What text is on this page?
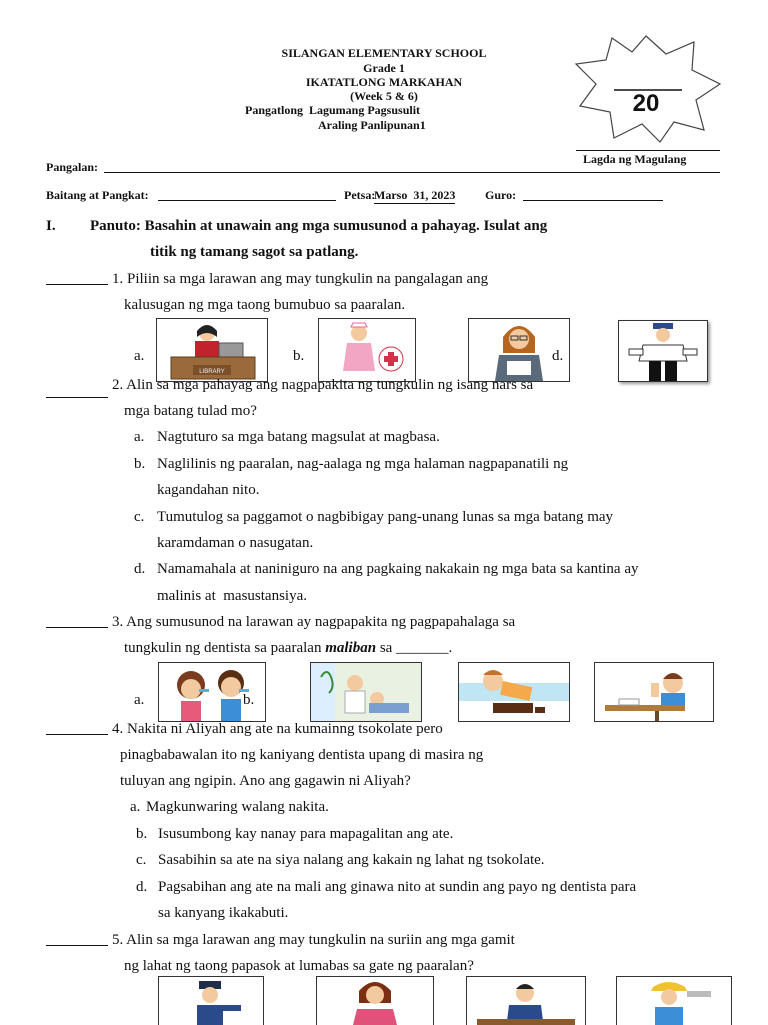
SILANGAN ELEMENTARY SCHOOL
Grade 1
IKATATLONG MARKAHAN
(Week 5 & 6)
Pangatlong  Lagumang Pagsusulit
Araling Panlipunan1
20
Lagda ng Magulang
Pangalan:
Baitang at Pangkat:	Petsa:
Marso  31, 2023 Guro:
I. Panuto: Basahin at unawain ang mga sumusunod a pahayag. Isulat ang
titik ng tamang sagot sa patlang.
1. Piliin sa mga larawan ang may tungkulin na pangalagan ang
kalusugan ng mga taong bumubuo sa paaralan.
a.
LIBRARY
b.	d.
2. Alin sa mga pahayag ang nagpapakita ng tungkulin ng isang nars sa
mga batang tulad mo?
a. Nagtuturo sa mga batang magsulat at magbasa.
b. Naglilinis ng paaralan, nag-aalaga ng mga halaman nagpapanatili ng
kagandahan nito.
c. Tumutulog sa paggamot o nagbibigay pang-unang lunas sa mga batang may
karamdaman o nasugatan.
d. Namamahala at naniniguro na ang pagkaing nakakain ng mga bata sa kantina ay
malinis at  masustansiya.
3. Ang sumusunod na larawan ay nagpapakita ng pagpapahalaga sa
tungkulin ng dentista sa paaralan maliban sa _______.
a.	b.
4. Nakita ni Aliyah ang ate na kumainng tsokolate pero
pinagbabawalan ito ng kaniyang dentista upang di masira ng
tuluyan ang ngipin. Ano ang gagawin ni Aliyah?
a. Magkunwaring walang nakita.
b. Isusumbong kay nanay para mapagalitan ang ate.
c. Sasabihin sa ate na siya nalang ang kakain ng lahat ng tsokolate.
d. Pagsabihan ang ate na mali ang ginawa nito at sundin ang payo ng dentista para
sa kanyang ikakabuti.
5. Alin sa mga larawan ang may tungkulin na suriin ang mga gamit
ng lahat ng taong papasok at lumabas sa gate ng paaralan?
